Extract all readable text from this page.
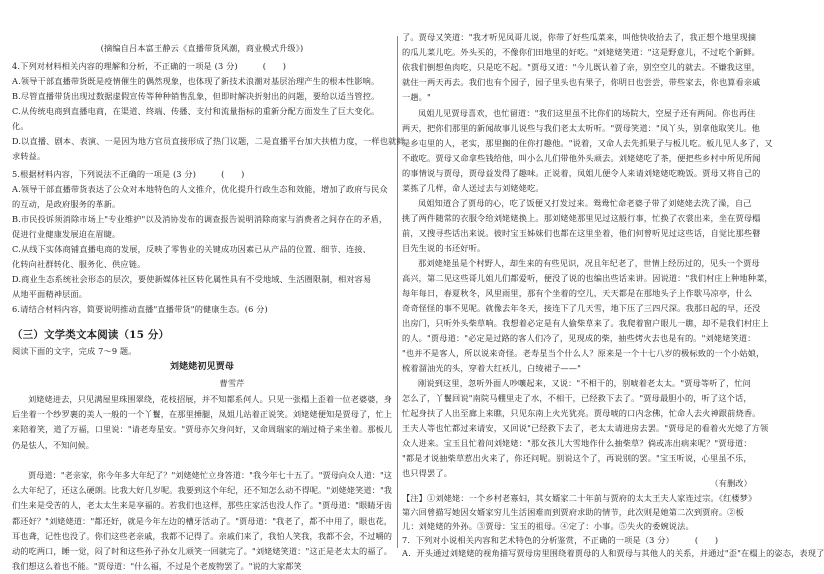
(摘编自吕本富王静云《直播带货风潮，商业模式升级》)
4.下列对材料相关内容的理解和分析，不正确的一项是 (3 分)　　　(　　)
A.领导干部直播带货既是疫情催生的偶然现象，也体现了新技术浪潮对基层治理产生的根本性影响。
B.尽管直播带货出现过数据虚假宣传等种种销售乱象，但即时解决折射出的问题，要给以适当管控。
C.从传统电商到直播电商，在渠道、终端、传播、支付和流量指标的重新分配方面发生了巨大变化。
化。
D.以直播、剧本、表演、一是因为地方官员直接形成了热门议题，二是直播平台加大扶植力度，一样也就鲜
求转益。
5.根据材料内容，下列说法不正确的一项是 (3 分)　　　(　　)
A.领导干部直播带货表达了公众对本地特色的人文推介，优化提升行政生态和效能，增加了政府与民众
的互动，是政府服务的革新。
B.市民投诉须消除市场上"专业维护"以及消协发布的调查报告说明消除商家与消费者之间存在的矛盾，
促进行业健康发展迫在眉睫。
C.从线下实体商铺直播电商的发展，反映了零售业的关键成功因素已从产品的位置、细节、连接、
化转向社群转化、服务化、供应链。
D.商业生态系统社会形态的层次，要使新媒体社区转化属性具有不受地域、生活圈限制，相对容易
从地平面精神层面。
6.请结合材料内容，简要说明推动直播"直播带货"的健康生态。(6 分)
（三）文学类文本阅读（15 分）
阅读下面的文字，完成 7～9 题。
刘姥姥初见贾母
曹雪芹
刘姥姥进去，只见满屋里珠围翠绕，花枝招展，并不知都系何人。只见一张榻上歪着一位老婆婆，身后坐着一个纱罗裹的美人一般的一个丫鬟，在那里捶腿，凤姐儿站着正说笑。刘姥姥便知是贾母了，忙上来陪着笑，道了万福，口里说："请老寿星安。"贾母亦欠身问好，又命周瑞家的端过椅子来坐着。那板儿仍是怯人，不知问候。
贾母道："老亲家，你今年多大年纪了？"刘姥姥忙立身答道："我今年七十五了。"贾母向众人道："这么大年纪了，还这么硬朗。比我大好几岁呢。我要到这个年纪，还不知怎么动不得呢。"刘姥姥笑道："我们生来是受苦的人，老太太生来是享福的。若我们也这样，那些庄家活也没人作了。"贾母道："眼睛牙齿都还好？"刘姥姥道："都还好，就是今年左边的槽牙活动了。"贾母道："我老了，都不中用了，眼也花，耳也聋，记性也没了。你们这些老亲戚，我都不记得了。亲戚们来了，我怕人笑我，我都不会，不过嚼的动的吃两口，睡一觉，闷了时和这些孙子孙女儿顽笑一回就完了。"刘姥姥笑道："这正是老太太的福了。我们想这么着也不能。"贾母道："什么福，不过是个老废物罢了。"说的大家都笑
了。贾母又笑道："我才听见凤哥儿说，你带了好些瓜菜来，叫他快收拾去了，我正想个地里现摘
的瓜儿菜儿吃。外头买的，不像你们田地里的好吃。"刘姥姥笑道："这是野意儿，不过吃个新鲜。
依我们倒想鱼肉吃，只是吃不起。"贾母又道："今儿既认着了亲，别空空儿的就去。不嫌我这里，
就住一两天再去。我们也有个园子，园子里头也有果子，你明日也尝尝，带些家去，你也算看亲戚
一趟。"
凤姐儿见贾母喜欢，也忙留道："我们这里虽不比你们的场院大，空屋子还有两间。你也再住
两天，把你们那里的新闻故事儿说些与我们老太太听听。"贾母笑道："凤丫头，别拿他取笑儿。他
是乡屯里的人，老实，那里搁的住你打趣他。"说着，又命人去先抓果子与板儿吃。板儿见人多了，又
不敢吃。贾母又命拿些钱给他，叫小么儿们带他外头顽去。刘姥姥吃了茶，便把些乡村中所见所闻
的事情说与贾母，贾母益发得了趣味。正说着，凤姐儿便令人来请刘姥姥吃晚饭。贾母又将自己的
菜拣了几样，命人送过去与刘姥姥吃。
凤姐知道合了贾母的心，吃了饭便又打发过来。鸳鸯忙命老婆子带了刘姥姥去洗了澡，自己
挑了两件随常的衣服令给刘姥姥换上。那刘姥姥那里见过这般行事，忙换了衣裳出来，坐在贾母榻
前，又搜寻些话出来说。彼时宝玉姊妹们也都在这里坐着，他们何曾听见过这些话，自觉比那些瞽
目先生说的书还好听。
那刘姥姥虽是个村野人，却生来的有些见识，况且年纪老了，世情上经历过的，见头一个贾母
高兴，第二见这些哥儿姐儿们都爱听，便没了说的也编出些话来讲。因说道："我们村庄上种地种菜，
每年每日，春夏秋冬，风里雨里，那有个坐着的空儿，天天都是在那地头子上作歇马凉亭，什么
奇奇怪怪的事不见呢。就像去年冬天，接连下了几天雪，地下压了三四尺深。我那日起的早，还没
出房门，只听外头柴草响。我想着必定是有人偷柴草来了。我爬着窗户眼儿一瞧，却不是我们村庄上
的人。"贾母道："必定是过路的客人们冷了，见现成的柴，抽些烤火去也是有的。"刘姥姥笑道：
"也并不是客人，所以说来奇怪。老寿星当个什么人？原来是一个十七八岁的极标致的一个小姑娘，
梳着溜油光的头，穿着大红袄儿，白绫裙子——"
刚说到这里，忽听外面人吵嚷起来，又说："不相干的，别唬着老太太。"贾母等听了，忙问
怎么了，丫鬟回说"南院马棚里走了水，不相干，已经救下去了。"贾母最胆小的，听了这个话，
忙起身扶了人出至廊上来瞧，只见东南上火光犹亮。贾母唬的口内念佛，忙命人去火神跟前烧香。
王夫人等也忙都过来请安，又回说"已经救下去了，老太太请进房去罢。"贾母足的看着火光熄了方领
众人进来。宝玉且忙着问刘姥姥："那女孩儿大雪地作什么抽柴草？倘或冻出病来呢？"贾母道：
"都是才说抽柴草惹出火来了，你还问呢。别说这个了，再说别的罢。"宝玉听说，心里虽不乐，
也只得罢了。
（有删改）
【注】①刘姥姥：一个乡村老寡妇，其女婿家二十年前与贾府的太太王夫人家连过宗。《红楼梦》
第六回曾描写她因女婿家穷儿生活困难而到贾府求助的情节，此次则是她第二次到贾府。②板
儿：刘姥姥的外孙。③贾母：宝玉的祖母。④定了：小事。⑤失火的委婉说法。
7．下列对小说相关内容和艺术特色的分析鉴赏，不正确的一项是（3 分）　　　(　　)
A．开头通过刘姥姥的视角描写贾母房里围绕着贾母的人和贾母与其他人的关系，并通过"歪"在榻上的姿态，表现了
